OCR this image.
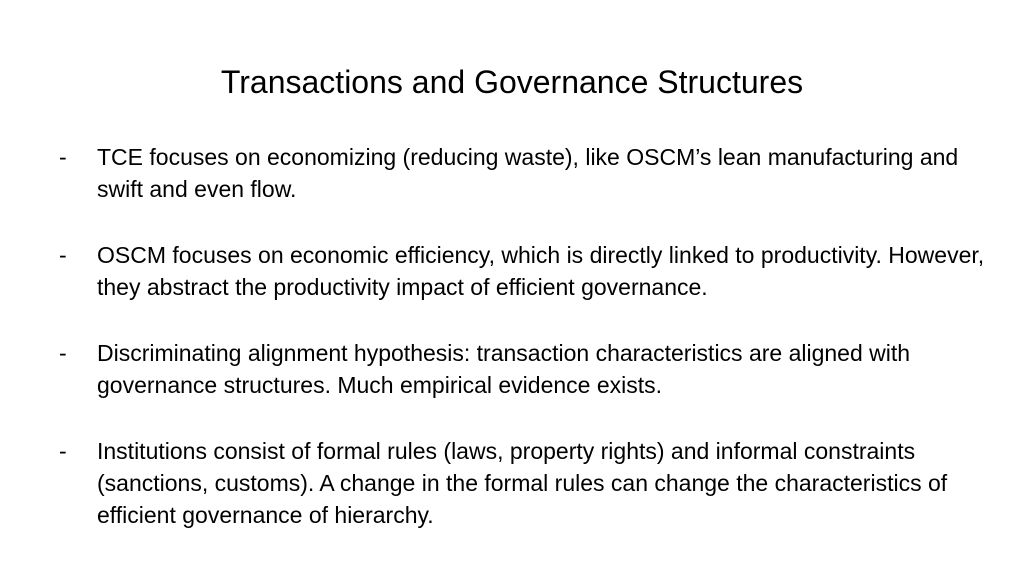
Transactions and Governance Structures
- TCE focuses on economizing (reducing waste), like OSCM’s lean manufacturing and swift and even flow.
- OSCM focuses on economic efficiency, which is directly linked to productivity. However, they abstract the productivity impact of efficient governance.
- Discriminating alignment hypothesis: transaction characteristics are aligned with governance structures. Much empirical evidence exists.
- Institutions consist of formal rules (laws, property rights) and informal constraints (sanctions, customs). A change in the formal rules can change the characteristics of efficient governance of hierarchy.
